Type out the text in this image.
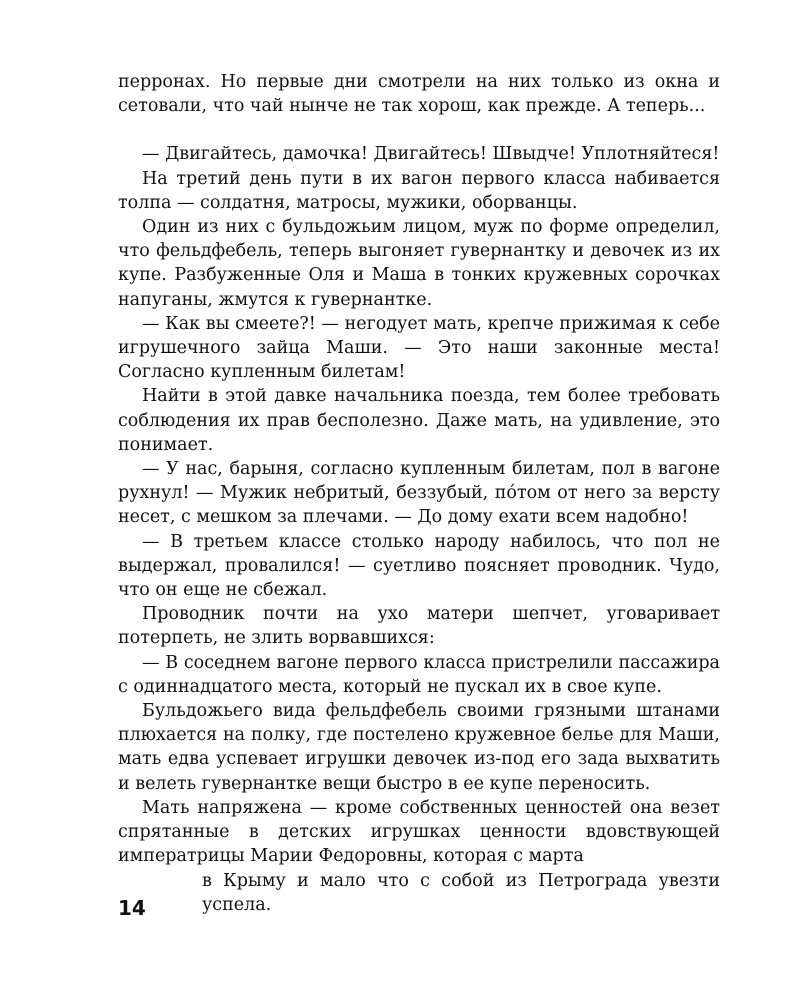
перронах. Но первые дни смотрели на них только из окна и сетовали, что чай нынче не так хорош, как прежде. А теперь...

— Двигайтесь, дамочка! Двигайтесь! Швыдче! Уплотняйтеся!

На третий день пути в их вагон первого класса набивается толпа — солдатня, матросы, мужики, оборванцы.

Один из них с бульдожьим лицом, муж по форме определил, что фельдфебель, теперь выгоняет гувернантку и девочек из их купе. Разбуженные Оля и Маша в тонких кружевных сорочках напуганы, жмутся к гувернантке.

— Как вы смеете?! — негодует мать, крепче прижимая к себе игрушечного зайца Маши. — Это наши законные места! Согласно купленным билетам!

Найти в этой давке начальника поезда, тем более требовать соблюдения их прав бесполезно. Даже мать, на удивление, это понимает.

— У нас, барыня, согласно купленным билетам, пол в вагоне рухнул! — Мужик небритый, беззубый, пóтом от него за версту несет, с мешком за плечами. — До дому ехати всем надобно!

— В третьем классе столько народу набилось, что пол не выдержал, провалился! — суетливо поясняет проводник. Чудо, что он еще не сбежал.

Проводник почти на ухо матери шепчет, уговаривает потерпеть, не злить ворвавшихся:

— В соседнем вагоне первого класса пристрелили пассажира с одиннадцатого места, который не пускал их в свое купе.

Бульдожьего вида фельдфебель своими грязными штанами плюхается на полку, где постелено кружевное белье для Маши, мать едва успевает игрушки девочек из-под его зада выхватить и велеть гувернантке вещи быстро в ее купе переносить.

Мать напряжена — кроме собственных ценностей она везет спрятанные в детских игрушках ценности вдовствующей императрицы Марии Федоровны, которая с марта

в Крыму и мало что с собой из Петрограда увезти успела.

14
